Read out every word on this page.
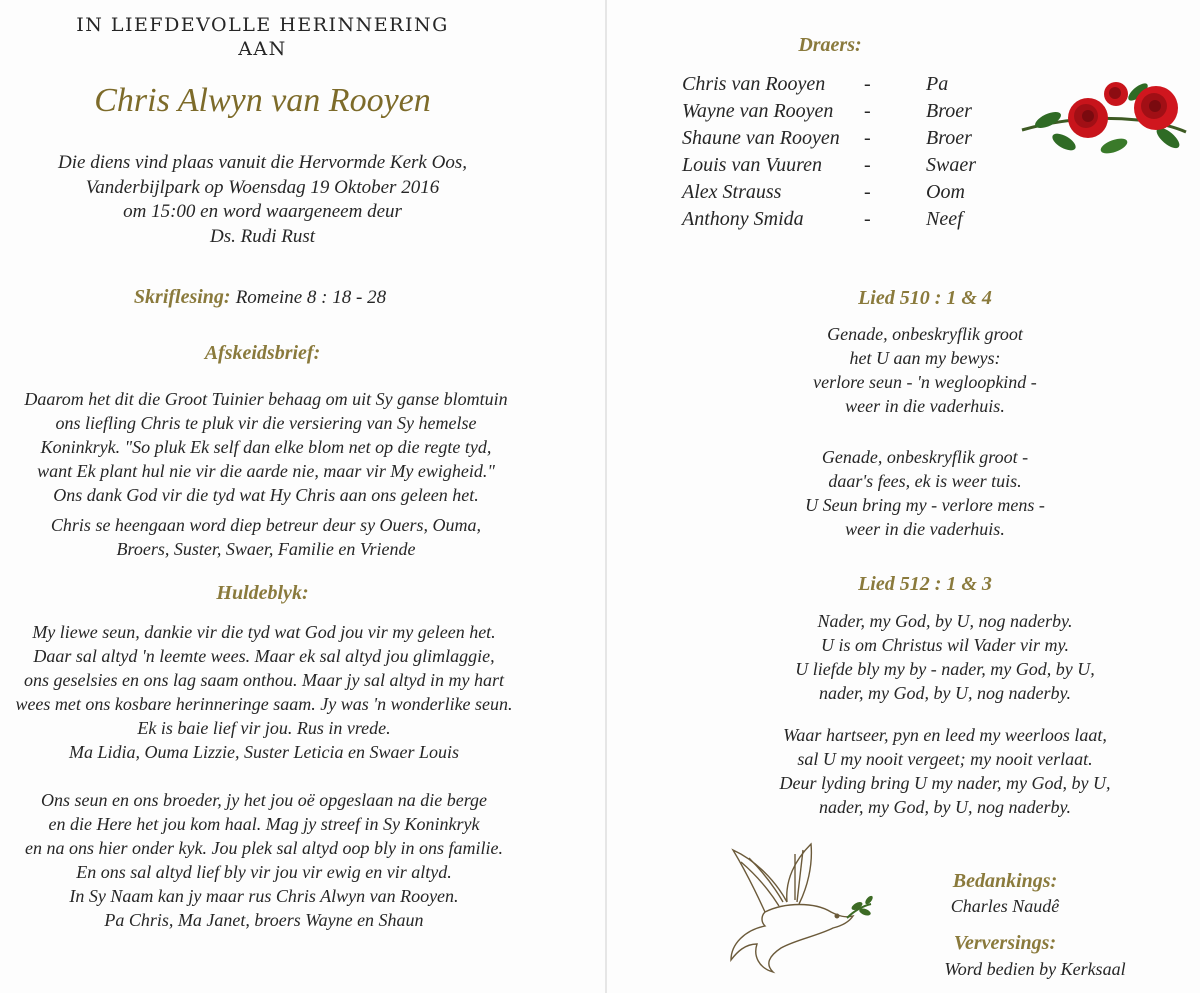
IN LIEFDEVOLLE HERINNERING
AAN
Chris Alwyn van Rooyen
Die diens vind plaas vanuit die Hervormde Kerk Oos,
Vanderbijlpark op Woensdag 19 Oktober 2016
om 15:00 en word waargeneem deur
Ds. Rudi Rust
Skriflesing: Romeine 8 : 18 - 28
Afskeidsbrief:
Daarom het dit die Groot Tuinier behaag om uit Sy ganse blomtuin
ons liefling Chris te pluk vir die versiering van Sy hemelse
Koninkryk. "So pluk Ek self dan elke blom net op die regte tyd,
want Ek plant hul nie vir die aarde nie, maar vir My ewigheid."
Ons dank God vir die tyd wat Hy Chris aan ons geleen het.
Chris se heengaan word diep betreur deur sy Ouers, Ouma,
Broers, Suster, Swaer, Familie en Vriende
Huldeblyk:
My liewe seun, dankie vir die tyd wat God jou vir my geleen het.
Daar sal altyd 'n leemte wees. Maar ek sal altyd jou glimlaggie,
ons geselsies en ons lag saam onthou. Maar jy sal altyd in my hart
wees met ons kosbare herinneringe saam. Jy was 'n wonderlike seun.
Ek is baie lief vir jou. Rus in vrede.
Ma Lidia, Ouma Lizzie, Suster Leticia en Swaer Louis
Ons seun en ons broeder, jy het jou oë opgeslaan na die berge
en die Here het jou kom haal. Mag jy streef in Sy Koninkryk
en na ons hier onder kyk. Jou plek sal altyd oop bly in ons familie.
En ons sal altyd lief bly vir jou vir ewig en vir altyd.
In Sy Naam kan jy maar rus Chris Alwyn van Rooyen.
Pa Chris, Ma Janet, broers Wayne en Shaun
Draers:
Chris van Rooyen -	Pa
Wayne van Rooyen -	Broer
Shaune van Rooyen -	Broer
Louis van Vuuren -	Swaer
Alex Strauss	-	Oom
Anthony Smida	-	Neef
Lied 510 : 1 & 4
Genade, onbeskryflik groot
het U aan my bewys:
verlore seun - 'n wegloopkind -
weer in die vaderhuis.
Genade, onbeskryflik groot -
daar's fees, ek is weer tuis.
U Seun bring my - verlore mens -
weer in die vaderhuis.
Lied 512 : 1 & 3
Nader, my God, by U, nog naderby.
U is om Christus wil Vader vir my.
U liefde bly my by - nader, my God, by U,
nader, my God, by U, nog naderby.
Waar hartseer, pyn en leed my weerloos laat,
sal U my nooit vergeet; my nooit verlaat.
Deur lyding bring U my nader, my God, by U,
nader, my God, by U, nog naderby.
Bedankings:
Charles Naudê
Verversings:
Word bedien by Kerksaal
